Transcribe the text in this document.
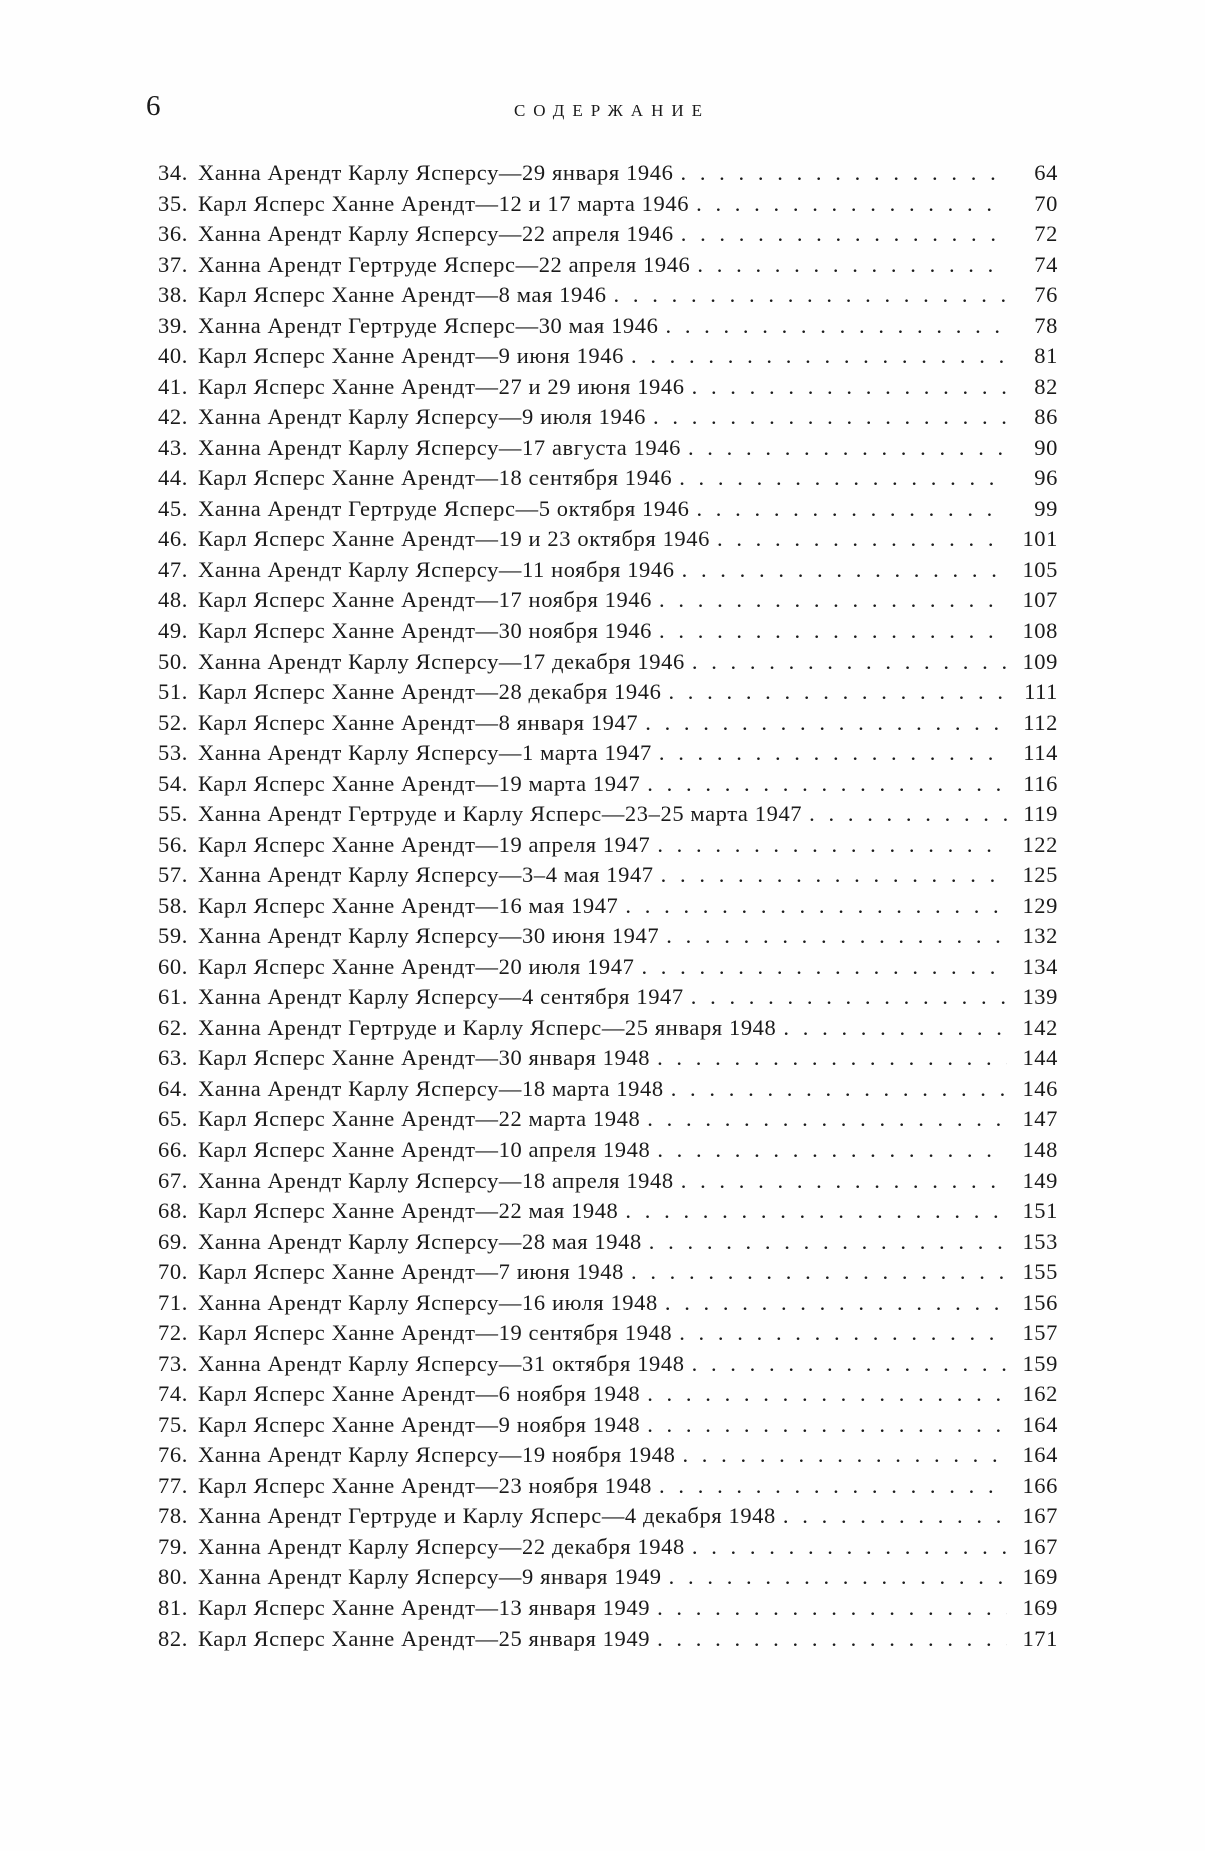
6	СОДЕРЖАНИЕ
34. Ханна Арендт Карлу Ясперсу—29 января 1946 . . .	64
35. Карл Ясперс Ханне Арендт—12 и 17 марта 1946 . . .	70
36. Ханна Арендт Карлу Ясперсу—22 апреля 1946 . . .	72
37. Ханна Арендт Гертруде Ясперс—22 апреля 1946 . . .	74
38. Карл Ясперс Ханне Арендт—8 мая 1946 . . .	76
39. Ханна Арендт Гертруде Ясперс—30 мая 1946 . . .	78
40. Карл Ясперс Ханне Арендт—9 июня 1946 . . .	81
41. Карл Ясперс Ханне Арендт—27 и 29 июня 1946 . . .	82
42. Ханна Арендт Карлу Ясперсу—9 июля 1946 . . .	86
43. Ханна Арендт Карлу Ясперсу—17 августа 1946 . . .	90
44. Карл Ясперс Ханне Арендт—18 сентября 1946 . . .	96
45. Ханна Арендт Гертруде Ясперс—5 октября 1946 . . .	99
46. Карл Ясперс Ханне Арендт—19 и 23 октября 1946 . . .	101
47. Ханна Арендт Карлу Ясперсу—11 ноября 1946 . . .	105
48. Карл Ясперс Ханне Арендт—17 ноября 1946 . . .	107
49. Карл Ясперс Ханне Арендт—30 ноября 1946 . . .	108
50. Ханна Арендт Карлу Ясперсу—17 декабря 1946 . . .	109
51. Карл Ясперс Ханне Арендт—28 декабря 1946 . . .	111
52. Карл Ясперс Ханне Арендт—8 января 1947 . . .	112
53. Ханна Арендт Карлу Ясперсу—1 марта 1947 . . .	114
54. Карл Ясперс Ханне Арендт—19 марта 1947 . . .	116
55. Ханна Арендт Гертруде и Карлу Ясперс—23–25 марта 1947 . . .	119
56. Карл Ясперс Ханне Арендт—19 апреля 1947 . . .	122
57. Ханна Арендт Карлу Ясперсу—3–4 мая 1947 . . .	125
58. Карл Ясперс Ханне Арендт—16 мая 1947 . . .	129
59. Ханна Арендт Карлу Ясперсу—30 июня 1947 . . .	132
60. Карл Ясперс Ханне Арендт—20 июля 1947 . . .	134
61. Ханна Арендт Карлу Ясперсу—4 сентября 1947 . . .	139
62. Ханна Арендт Гертруде и Карлу Ясперс—25 января 1948 . . .	142
63. Карл Ясперс Ханне Арендт—30 января 1948 . . .	144
64. Ханна Арендт Карлу Ясперсу—18 марта 1948 . . .	146
65. Карл Ясперс Ханне Арендт—22 марта 1948 . . .	147
66. Карл Ясперс Ханне Арендт—10 апреля 1948 . . .	148
67. Ханна Арендт Карлу Ясперсу—18 апреля 1948 . . .	149
68. Карл Ясперс Ханне Арендт—22 мая 1948 . . .	151
69. Ханна Арендт Карлу Ясперсу—28 мая 1948 . . .	153
70. Карл Ясперс Ханне Арендт—7 июня 1948 . . .	155
71. Ханна Арендт Карлу Ясперсу—16 июля 1948 . . .	156
72. Карл Ясперс Ханне Арендт—19 сентября 1948 . . .	157
73. Ханна Арендт Карлу Ясперсу—31 октября 1948 . . .	159
74. Карл Ясперс Ханне Арендт—6 ноября 1948 . . .	162
75. Карл Ясперс Ханне Арендт—9 ноября 1948 . . .	164
76. Ханна Арендт Карлу Ясперсу—19 ноября 1948 . . .	164
77. Карл Ясперс Ханне Арендт—23 ноября 1948 . . .	166
78. Ханна Арендт Гертруде и Карлу Ясперс—4 декабря 1948 . . .	167
79. Ханна Арендт Карлу Ясперсу—22 декабря 1948 . . .	167
80. Ханна Арендт Карлу Ясперсу—9 января 1949 . . .	169
81. Карл Ясперс Ханне Арендт—13 января 1949 . . .	169
82. Карл Ясперс Ханне Арендт—25 января 1949 . . .	171
